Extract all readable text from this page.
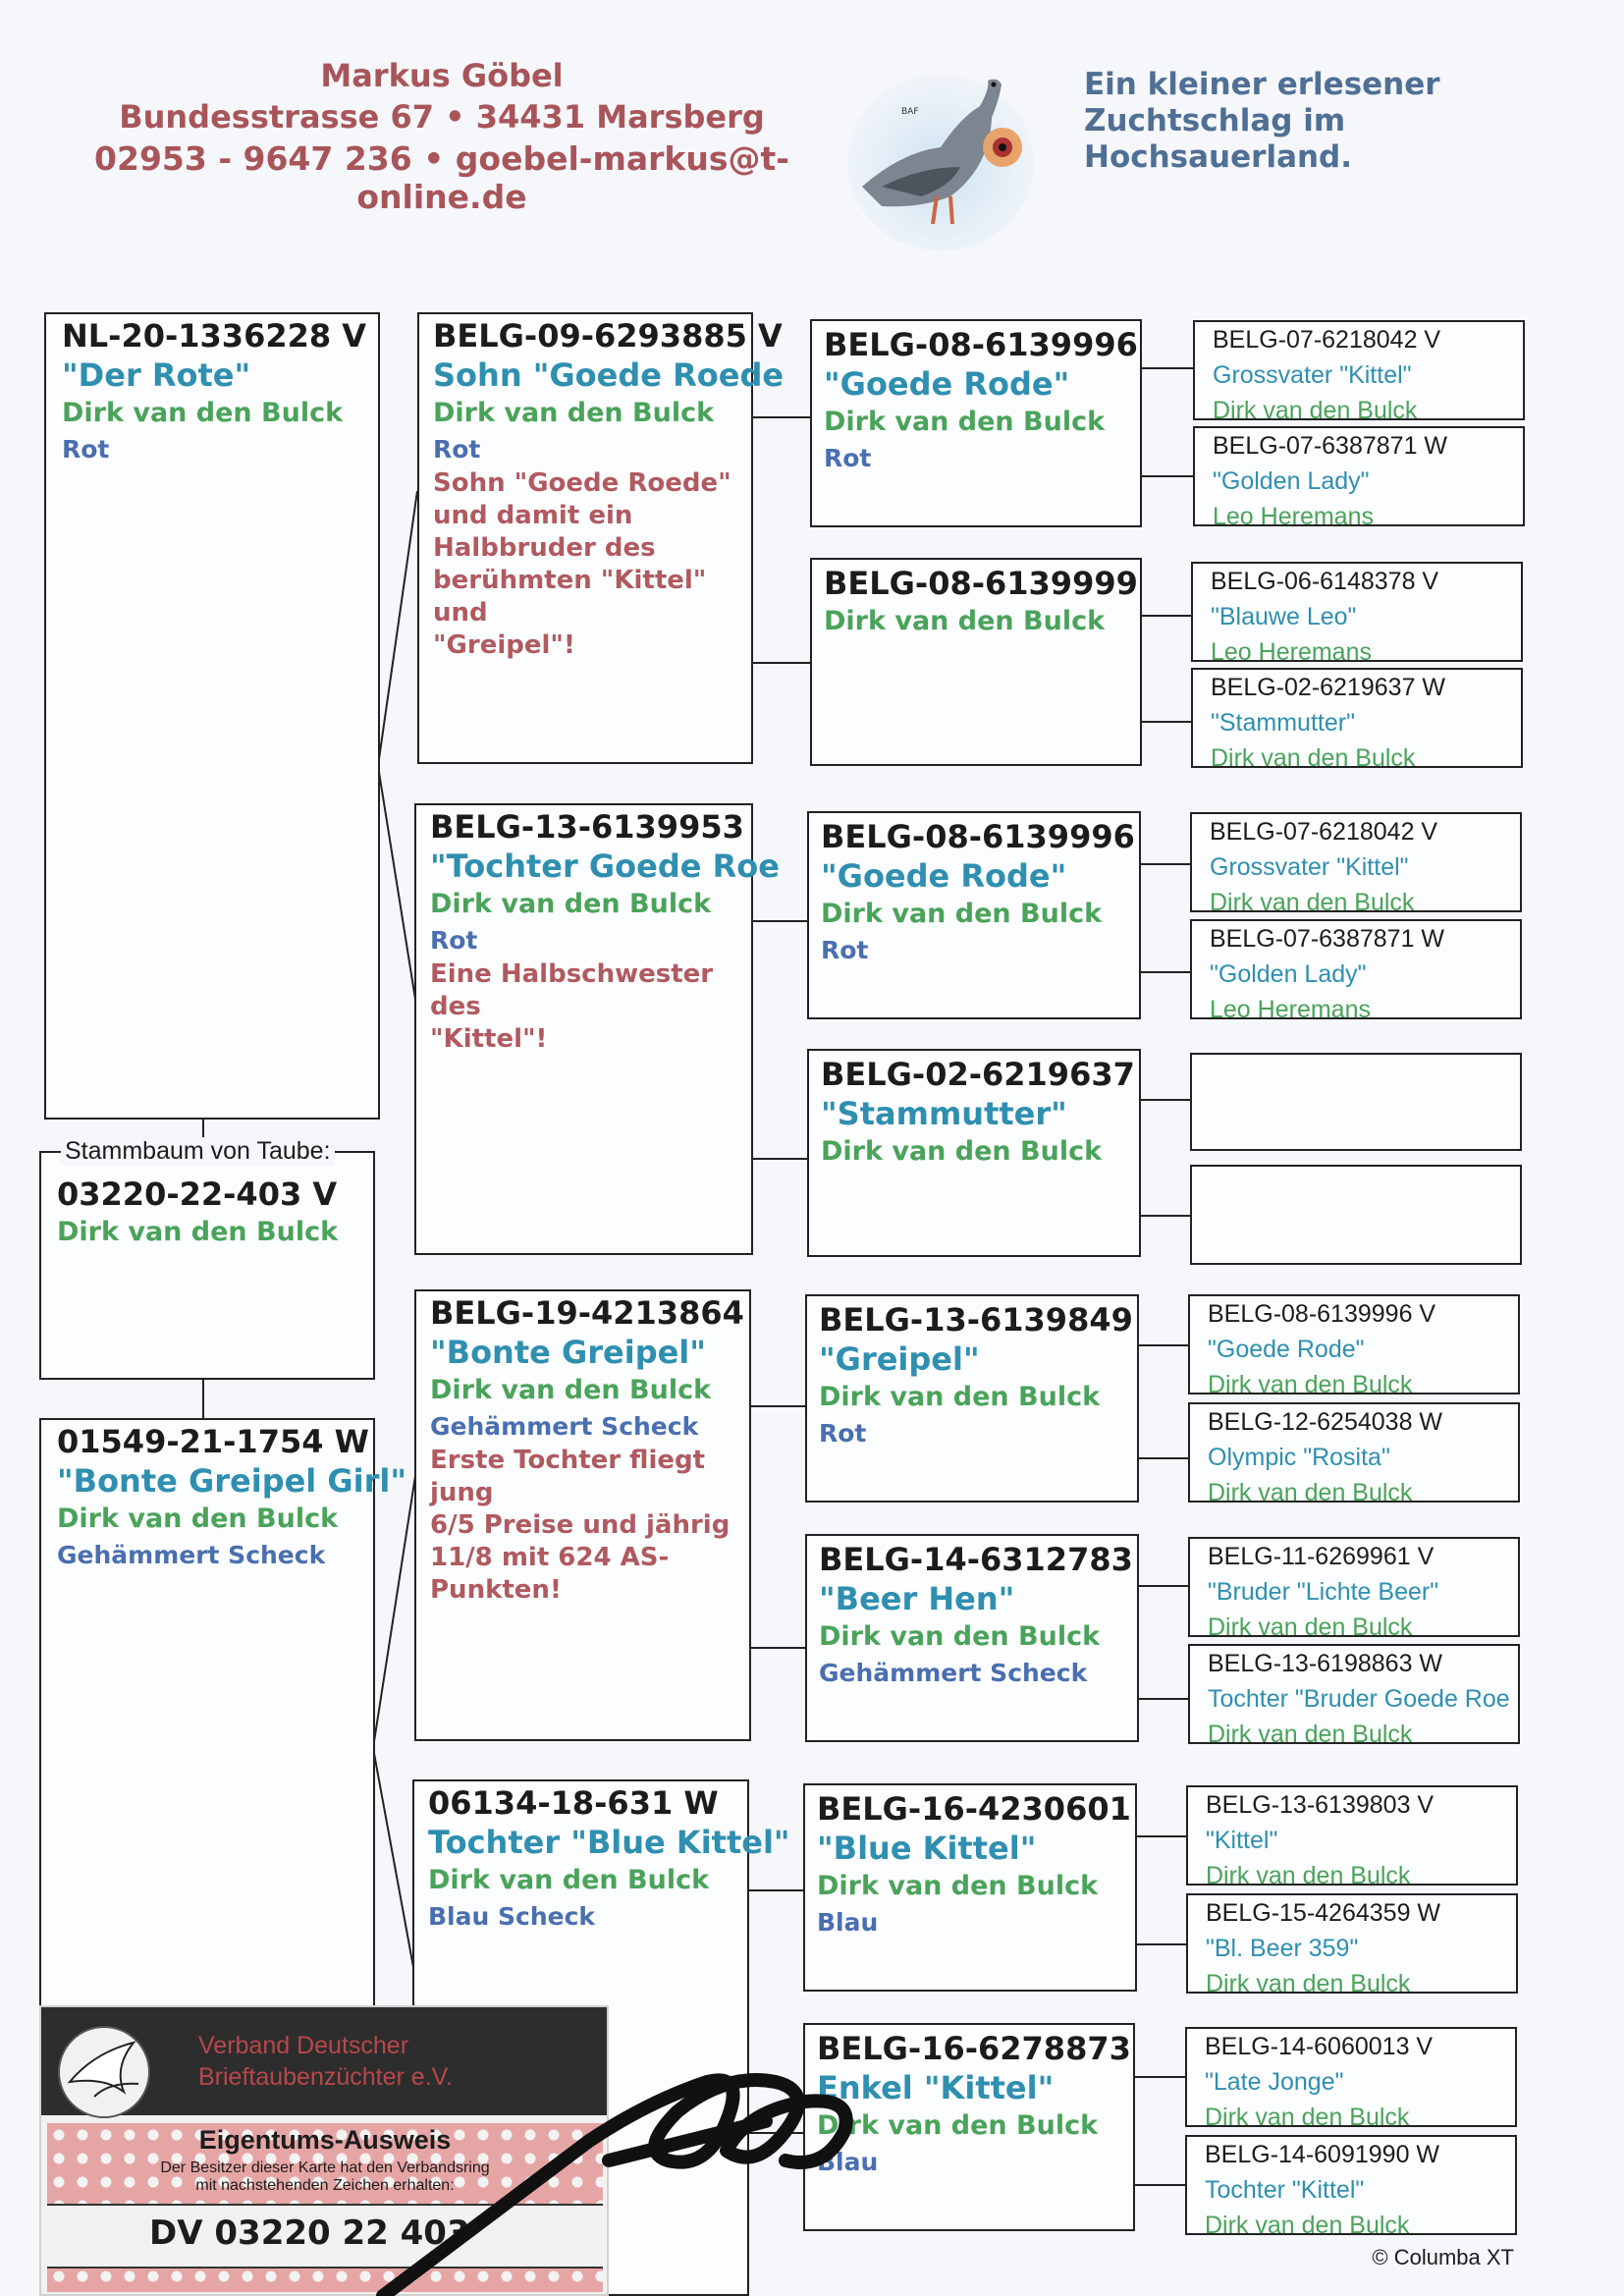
Markus Göbel
Bundesstrasse 67 • 34431 Marsberg
02953 - 9647 236 • goebel-markus@t-online.de
BAF
Ein kleiner erlesener
Zuchtschlag im
Hochsauerland.
NL-20-1336228 V
"Der Rote"
Dirk van den Bulck
Rot
03220-22-403 V
Dirk van den Bulck
Stammbaum von Taube:
01549-21-1754 W
"Bonte Greipel Girl"
Dirk van den Bulck
Gehämmert Scheck
BELG-09-6293885 V
Sohn "Goede Roede
Dirk van den Bulck
Rot
Sohn "Goede Roede"
und damit ein
Halbbruder des
berühmten "Kittel" und
"Greipel"!
BELG-13-6139953
"Tochter Goede Roe
Dirk van den Bulck
Rot
Eine Halbschwester des
"Kittel"!
BELG-19-4213864
"Bonte Greipel"
Dirk van den Bulck
Gehämmert Scheck
Erste Tochter fliegt jung
6/5 Preise und jährig
11/8 mit 624 AS-
Punkten!
06134-18-631 W
Tochter "Blue Kittel"
Dirk van den Bulck
Blau Scheck
BELG-08-6139996
"Goede Rode"
Dirk van den Bulck
Rot
BELG-08-6139999
Dirk van den Bulck
BELG-08-6139996
"Goede Rode"
Dirk van den Bulck
Rot
BELG-02-6219637
"Stammutter"
Dirk van den Bulck
BELG-13-6139849
"Greipel"
Dirk van den Bulck
Rot
BELG-14-6312783
"Beer Hen"
Dirk van den Bulck
Gehämmert Scheck
BELG-16-4230601
"Blue Kittel"
Dirk van den Bulck
Blau
BELG-16-6278873
Enkel "Kittel"
Dirk van den Bulck
Blau
BELG-07-6218042 V
Grossvater "Kittel"
Dirk van den Bulck
BELG-07-6387871 W
"Golden Lady"
Leo Heremans
BELG-06-6148378 V
"Blauwe Leo"
Leo Heremans
BELG-02-6219637 W
"Stammutter"
Dirk van den Bulck
BELG-07-6218042 V
Grossvater "Kittel"
Dirk van den Bulck
BELG-07-6387871 W
"Golden Lady"
Leo Heremans
BELG-08-6139996 V
"Goede Rode"
Dirk van den Bulck
BELG-12-6254038 W
Olympic "Rosita"
Dirk van den Bulck
BELG-11-6269961 V
"Bruder "Lichte Beer"
Dirk van den Bulck
BELG-13-6198863 W
Tochter "Bruder Goede Roe
Dirk van den Bulck
BELG-13-6139803 V
"Kittel"
Dirk van den Bulck
BELG-15-4264359 W
"Bl. Beer 359"
Dirk van den Bulck
BELG-14-6060013 V
"Late Jonge"
Dirk van den Bulck
BELG-14-6091990 W
Tochter "Kittel"
Dirk van den Bulck
Verband Deutscher
Brieftaubenzüchter e.V.
Eigentums-Ausweis
Der Besitzer dieser Karte hat den Verbandsring
mit nachstehenden Zeichen erhalten:
DV 03220 22 403
© Columba XT
